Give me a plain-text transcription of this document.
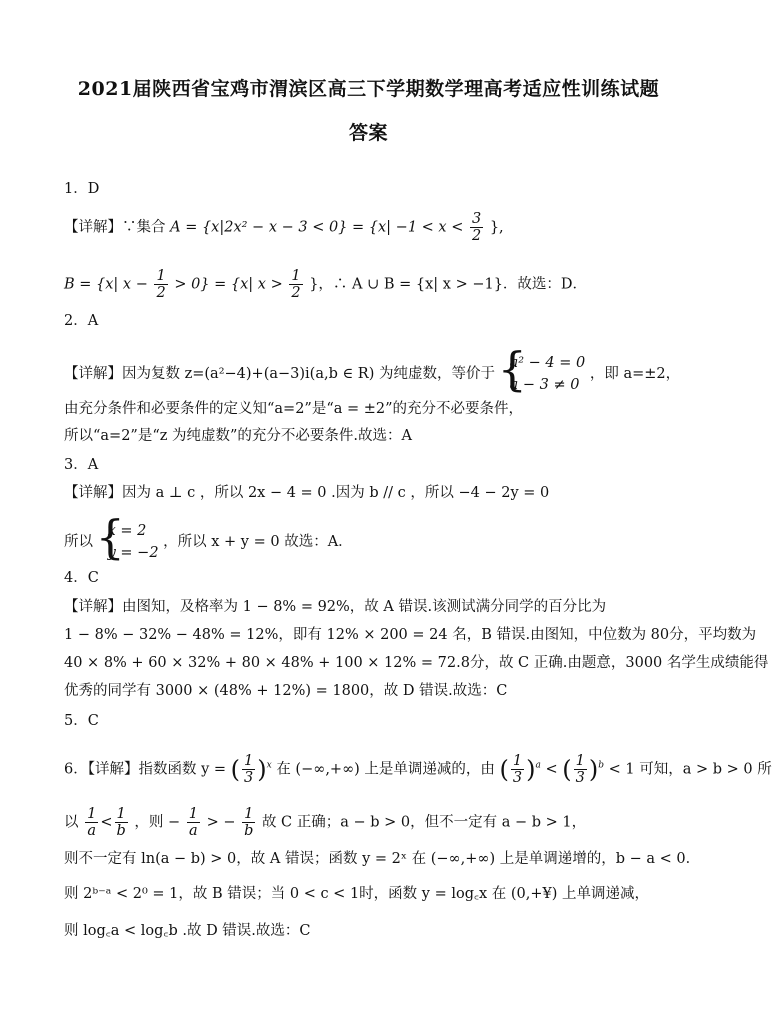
2021届陕西省宝鸡市渭滨区高三下学期数学理高考适应性训练试题
答案
1．D
【详解】∵集合 $A = \{x|2x^2 - x - 3 < 0\} = \{x| -1 < x < \frac{3}{2}$ },
B = {x| $x - \frac{1}{2} > 0\} = \{x|$ $x > \frac{1}{2}$ }，∴ A ∪ B = {x| x > −1}．故选：D．
2．A
【详解】因为复数 z=(a²−4)+(a−3)i(a,b ∈ R) 为纯虚数，等价于
{ a² − 4 = 0
a − 3 ≠ 0
，即 a=±2，
由充分条件和必要条件的定义知“a=2”是“a = ±2”的充分不必要条件，
所以“a=2”是“z 为纯虚数”的充分不必要条件.故选：A
3．A
【详解】因为 a ⊥ c ，所以 2x − 4 = 0 .因为 b // c ，所以 −4 − 2y = 0
所以
{ x = 2
y = −2
，所以 x + y = 0 故选：A．
4．C
【详解】由图知，及格率为 1 − 8% = 92%，故 A 错误.该测试满分同学的百分比为
1 − 8% − 32% − 48% = 12%，即有 12% × 200 = 24 名，B 错误.由图知，中位数为 80分，平均数为
40 × 8% + 60 × 32% + 80 × 48% + 100 × 12% = 72.8分，故 C 正确.由题意，3000 名学生成绩能得
优秀的同学有 3000 × (48% + 12%) = 1800，故 D 错误.故选：C
5．C
6．【详解】指数函数 y = ( $\frac{1}{3} )^x$ 在 (−∞,+∞) 上是单调递减的，由 ( $\frac{1}{3} )^a$ < ( $\frac{1}{3} )^b < 1$ 可知，a > b > 0 所
以 $\frac{1}{a} < \frac{1}{b}$ ，则 − $\frac{1}{a}$ > − $\frac{1}{b}$ 故 C 正确；a − b > 0，但不一定有 a − b > 1，
则不一定有 ln(a − b) > 0，故 A 错误；函数 y = 2ˣ 在 (−∞,+∞) 上是单调递增的，b − a < 0．
则 2ᵇ⁻ᵃ < 2⁰ = 1，故 B 错误；当 0 < c < 1时，函数 y = log꜀x 在 (0,+¥) 上单调递减，
则 log꜀a < log꜀b .故 D 错误.故选：C
